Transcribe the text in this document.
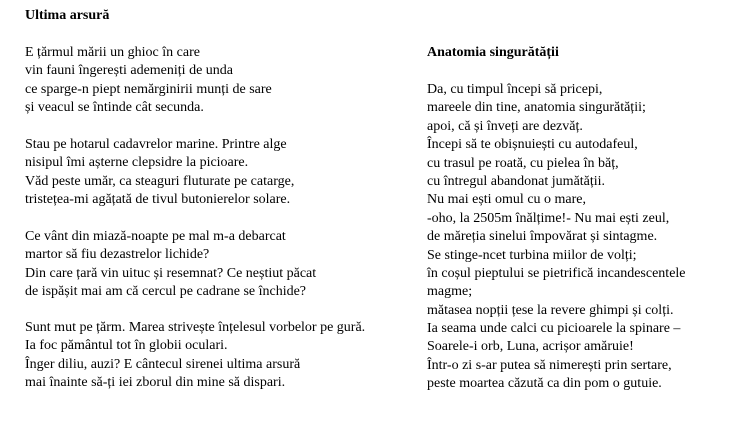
Ultima arsură
E țărmul mării un ghioc în care
vin fauni îngerești ademeniți de unda
ce sparge-n piept nemărginirii munți de sare
și veacul se întinde cât secunda.
Stau pe hotarul cadavrelor marine. Printre alge
nisipul îmi așterne clepsidre la picioare.
Văd peste umăr, ca steaguri fluturate pe catarge,
tristețea-mi agățată de tivul butonierelor solare.
Ce vânt din miază-noapte pe mal m-a debarcat
martor să fiu dezastrelor lichide?
Din care țară vin uituc și resemnat? Ce neștiut păcat
de ispășit mai am că cercul pe cadrane se închide?
Sunt mut pe țărm. Marea strivește înțelesul vorbelor pe gură.
Ia foc pământul tot în globii oculari.
Înger diliu, auzi? E cântecul sirenei ultima arsură
mai înainte să-ți iei zborul din mine să dispari.
Anatomia singurătății
Da, cu timpul începi să pricepi,
mareele din tine, anatomia singurătății;
apoi, că și înveți are dezvăț.
Începi să te obișnuiești cu autodafeul,
cu trasul pe roată, cu pielea în băț,
cu întregul abandonat jumătății.
Nu mai ești omul cu o mare,
-oho, la 2505m înălțime!- Nu mai ești zeul,
de măreția sinelui împovărat și sintagme.
Se stinge-ncet turbina miilor de volți;
în coșul pieptului se pietrifică incandescentele
magme;
mătasea nopții țese la revere ghimpi și colți.
Ia seama unde calci cu picioarele la spinare –
Soarele-i orb, Luna, acrișor amăruie!
Într-o zi s-ar putea să nimerești prin sertare,
peste moartea căzută ca din pom o gutuie.
